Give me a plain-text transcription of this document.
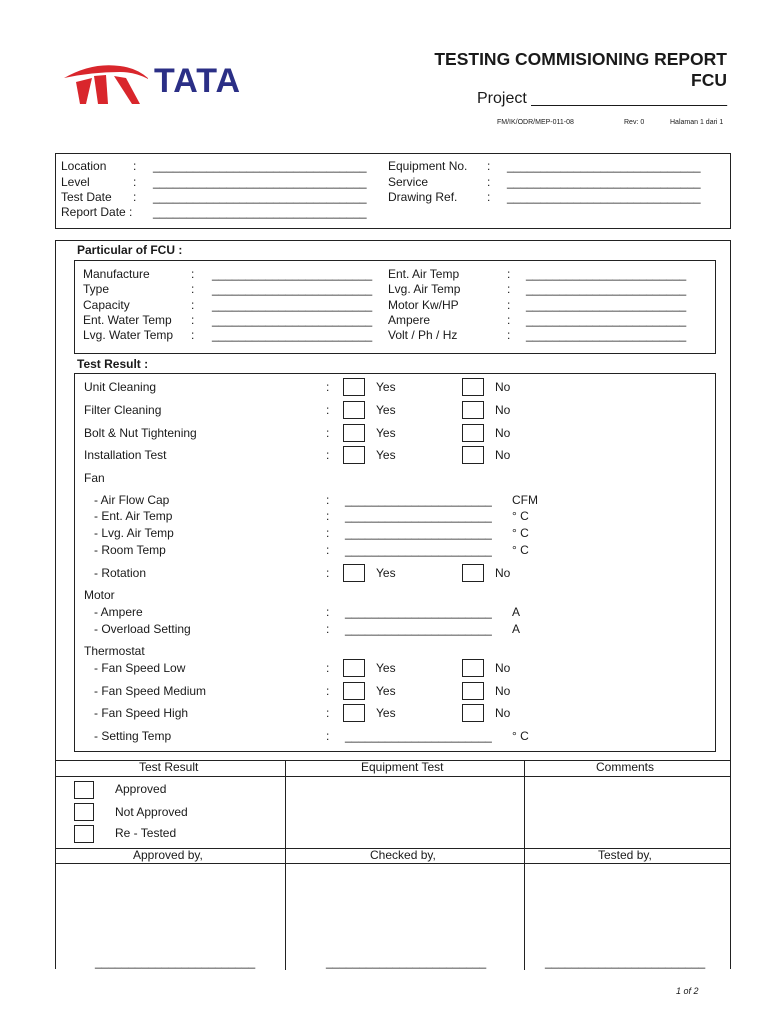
TATA
TESTING COMMISIONING REPORT
FCU
Project ______________________
FM/IK/ODR/MEP-011-08	Rev: 0	Halaman 1 dari 1
Location : ________________________________
Level	: ________________________________
Test Date : ________________________________
Report Date : ________________________________
Equipment No. : _____________________________
Service	: _____________________________
Drawing Ref. : _____________________________
Particular of FCU :
Manufacture	: ________________________
Type	: ________________________
Capacity	: ________________________
Ent. Water Temp : ________________________
Lvg. Water Temp : ________________________
Ent. Air Temp	: ________________________
Lvg. Air Temp	: ________________________
Motor Kw/HP	: ________________________
Ampere	: ________________________
Volt / Ph / Hz	: ________________________
Test Result :
Unit Cleaning	:	Yes	No
Filter Cleaning	:	Yes	No
Bolt & Nut Tightening	:	Yes	No
Installation Test	:	Yes	No
Fan
- Air Flow Cap	: ______________________ CFM
- Ent. Air Temp	: ______________________ ° C
- Lvg. Air Temp	: ______________________ ° C
- Room Temp	: ______________________ ° C
- Rotation	:	Yes	No
Motor
- Ampere	: ______________________ A
- Overload Setting	: ______________________ A
Thermostat
- Fan Speed Low	:	Yes	No
- Fan Speed Medium	:	Yes	No
- Fan Speed High	:	Yes	No
- Setting Temp	: ______________________ ° C
Test Result	Equipment Test	Comments
Approved
Not Approved
Re - Tested
Approved by,	Checked by,	Tested by,
________________________	________________________	________________________
1 of 2
